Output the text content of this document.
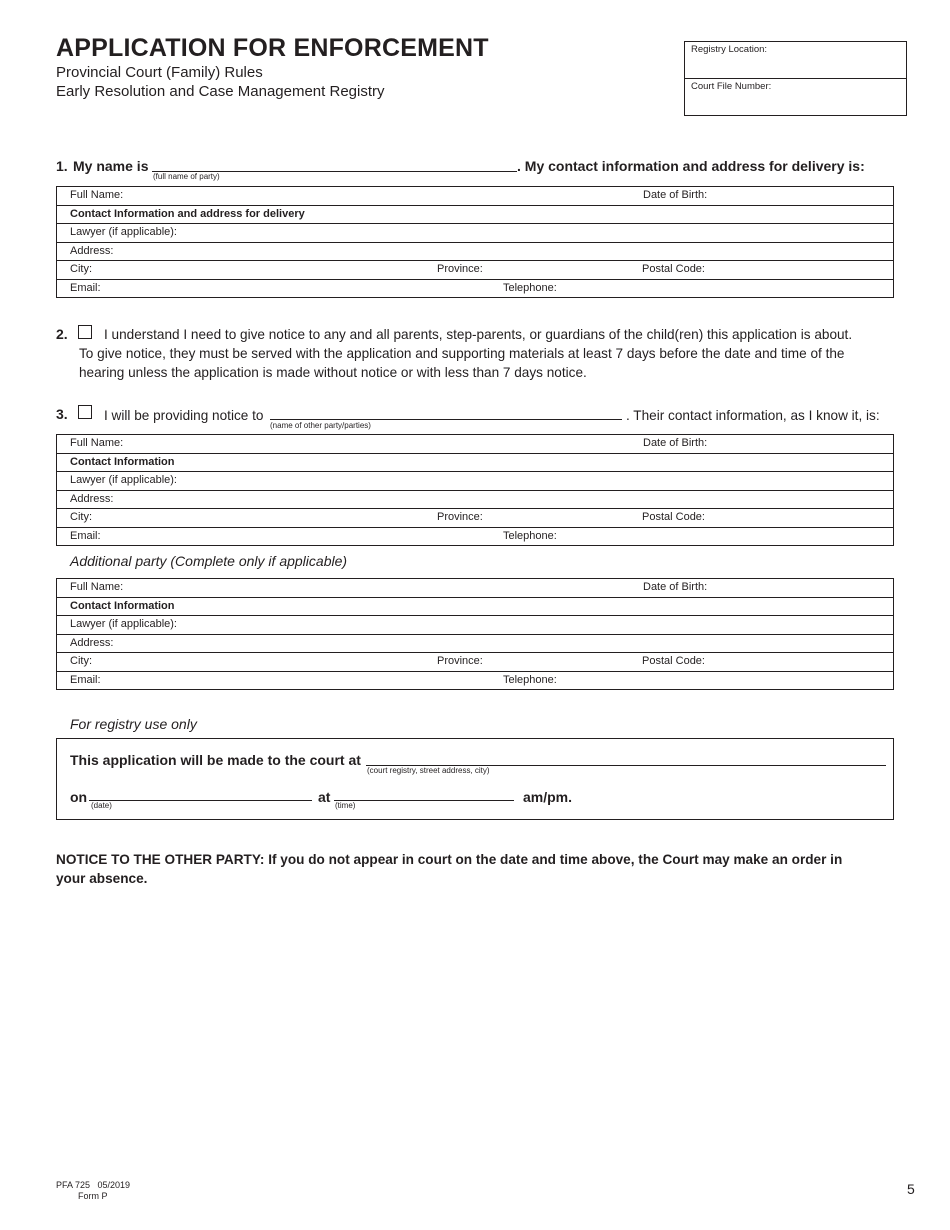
APPLICATION FOR ENFORCEMENT
Provincial Court (Family) Rules
Early Resolution and Case Management Registry
Registry Location:
Court File Number:
1. My name is
(full name of party)
. My contact information and address for delivery is:
Full Name:	Date of Birth:

Contact Information and address for delivery

Lawyer (if applicable):

Address:

City:	Province:	Postal Code:

Email:	Telephone:
2.	I understand I need to give notice to any and all parents, step-parents, or guardians of the child(ren) this application is about.
To give notice, they must be served with the application and supporting materials at least 7 days before the date and time of the
hearing unless the application is made without notice or with less than 7 days notice.
3.	I will be providing notice to
(name of other party/parties)
. Their contact information, as I know it, is:
Full Name:	Date of Birth:

Contact Information

Lawyer (if applicable):

Address:

City:	Province:	Postal Code:

Email:	Telephone:
Additional party (Complete only if applicable)
Full Name:	Date of Birth:

Contact Information

Lawyer (if applicable):

Address:

City:	Province:	Postal Code:

Email:	Telephone:
For registry use only
This application will be made to the court at
(court registry, street address, city)
on
(date)
at
(time)
am/pm.
NOTICE TO THE OTHER PARTY: If you do not appear in court on the date and time above, the Court may make an order in
your absence.
PFA 725   05/2019
Form P	5
